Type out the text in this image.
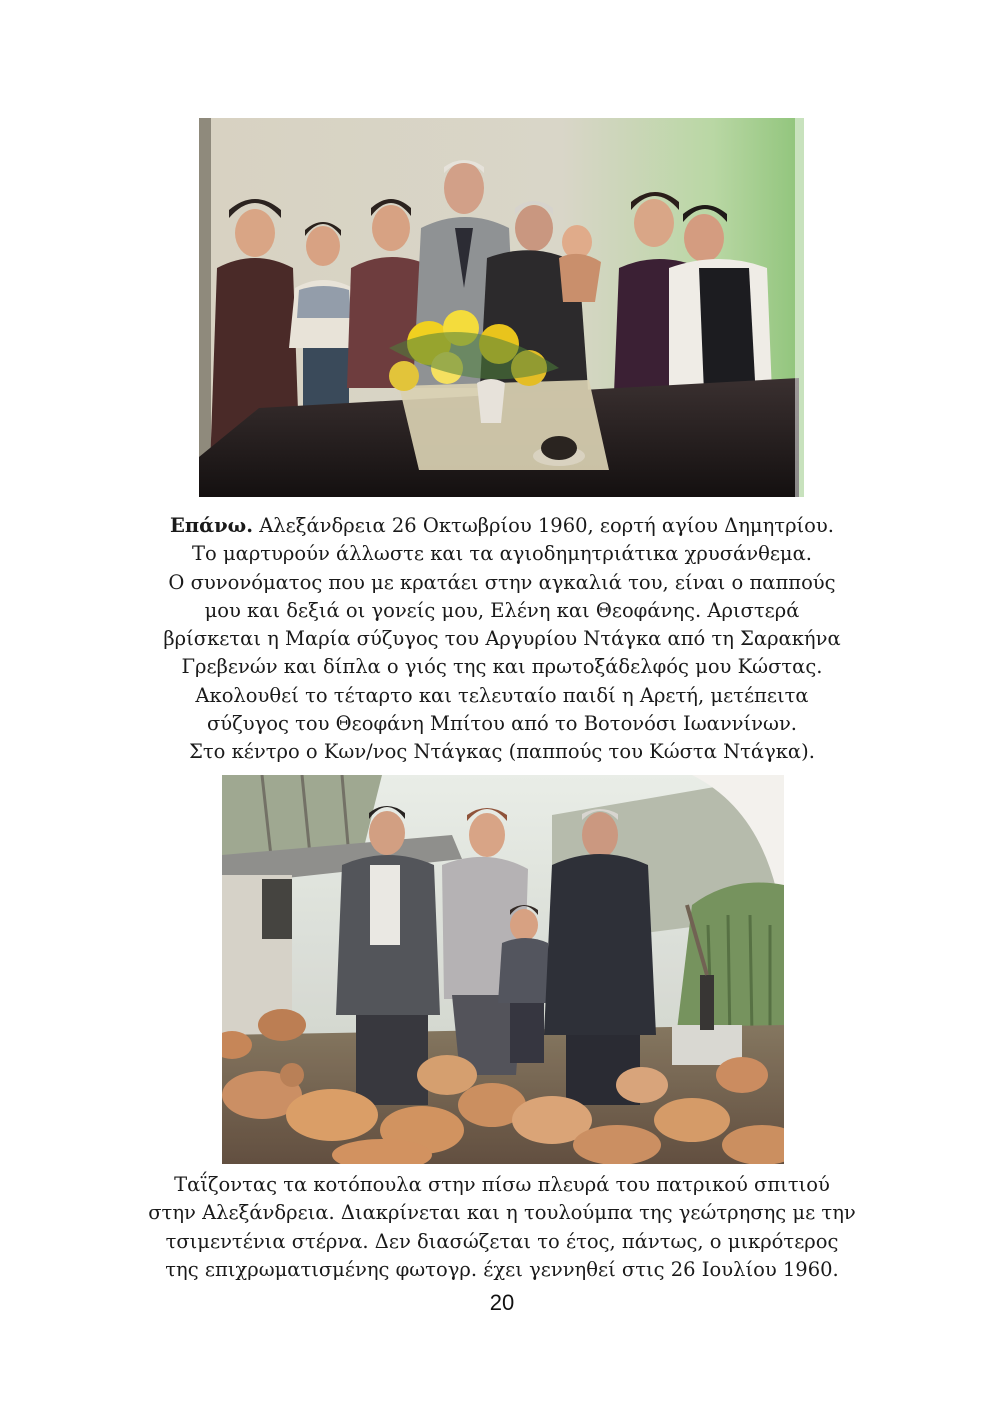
Επάνω. Αλεξάνδρεια 26 Οκτωβρίου 1960, εορτή αγίου Δημητρίου.
Το μαρτυρούν άλλωστε και τα αγιοδημητριάτικα χρυσάνθεμα.
Ο συνονόματος που με κρατάει στην αγκαλιά του, είναι ο παππούς
μου και δεξιά οι γονείς μου, Ελένη και Θεοφάνης. Αριστερά
βρίσκεται η Μαρία σύζυγος του Αργυρίου Ντάγκα από τη Σαρακήνα
Γρεβενών και δίπλα ο γιός της και πρωτοξάδελφός μου Κώστας.
Ακολουθεί το τέταρτο και τελευταίο παιδί η Αρετή, μετέπειτα
σύζυγος του Θεοφάνη Μπίτου από το Βοτονόσι Ιωαννίνων.
Στο κέντρο ο Κων/νος Ντάγκας (παππούς του Κώστα Ντάγκα).
Ταΐζοντας τα κοτόπουλα στην πίσω πλευρά του πατρικού σπιτιού
στην Αλεξάνδρεια. Διακρίνεται και η τουλούμπα της γεώτρησης με την
τσιμεντένια στέρνα. Δεν διασώζεται το έτος, πάντως, ο μικρότερος
της επιχρωματισμένης φωτογρ. έχει γεννηθεί στις 26 Ιουλίου 1960.
20
